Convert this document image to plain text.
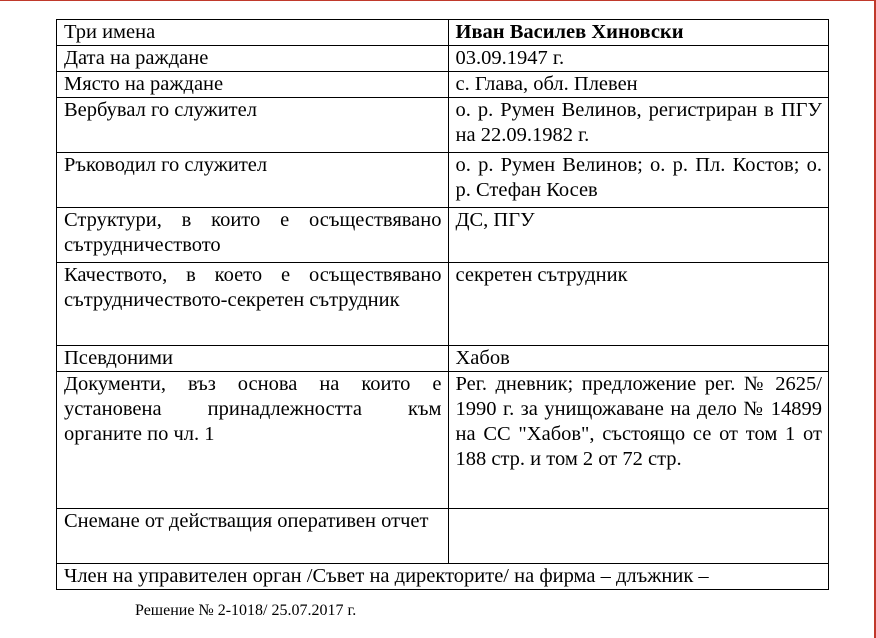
Три имена	Иван Василев Хиновски
Дата на раждане	03.09.1947 г.
Място на раждане	с. Глава, обл. Плевен
Вербувал го служител	о. р. Румен Велинов, регистриран в ПГУ на 22.09.1982 г.
Ръководил го служител	о. р. Румен Велинов; о. р. Пл. Костов; о. р. Стефан Косев
Структури, в които е осъществявано сътрудничеството	ДС, ПГУ
Качеството, в което е осъществявано сътрудничеството-секретен сътрудник	секретен сътрудник
Псевдоними	Хабов
Документи, въз основа на които е установена принадлежността към органите по чл. 1	Рег. дневник; предложение рег. № 2625/ 1990 г. за унищожаване на дело № 14899 на СС "Хабов", състоящо се от том 1 от 188 стр. и том 2 от 72 стр.
Снемане от действащия оперативен отчет	
Член на управителен орган /Съвет на директорите/ на фирма – длъжник –	
Решение № 2-1018/ 25.07.2017 г.
